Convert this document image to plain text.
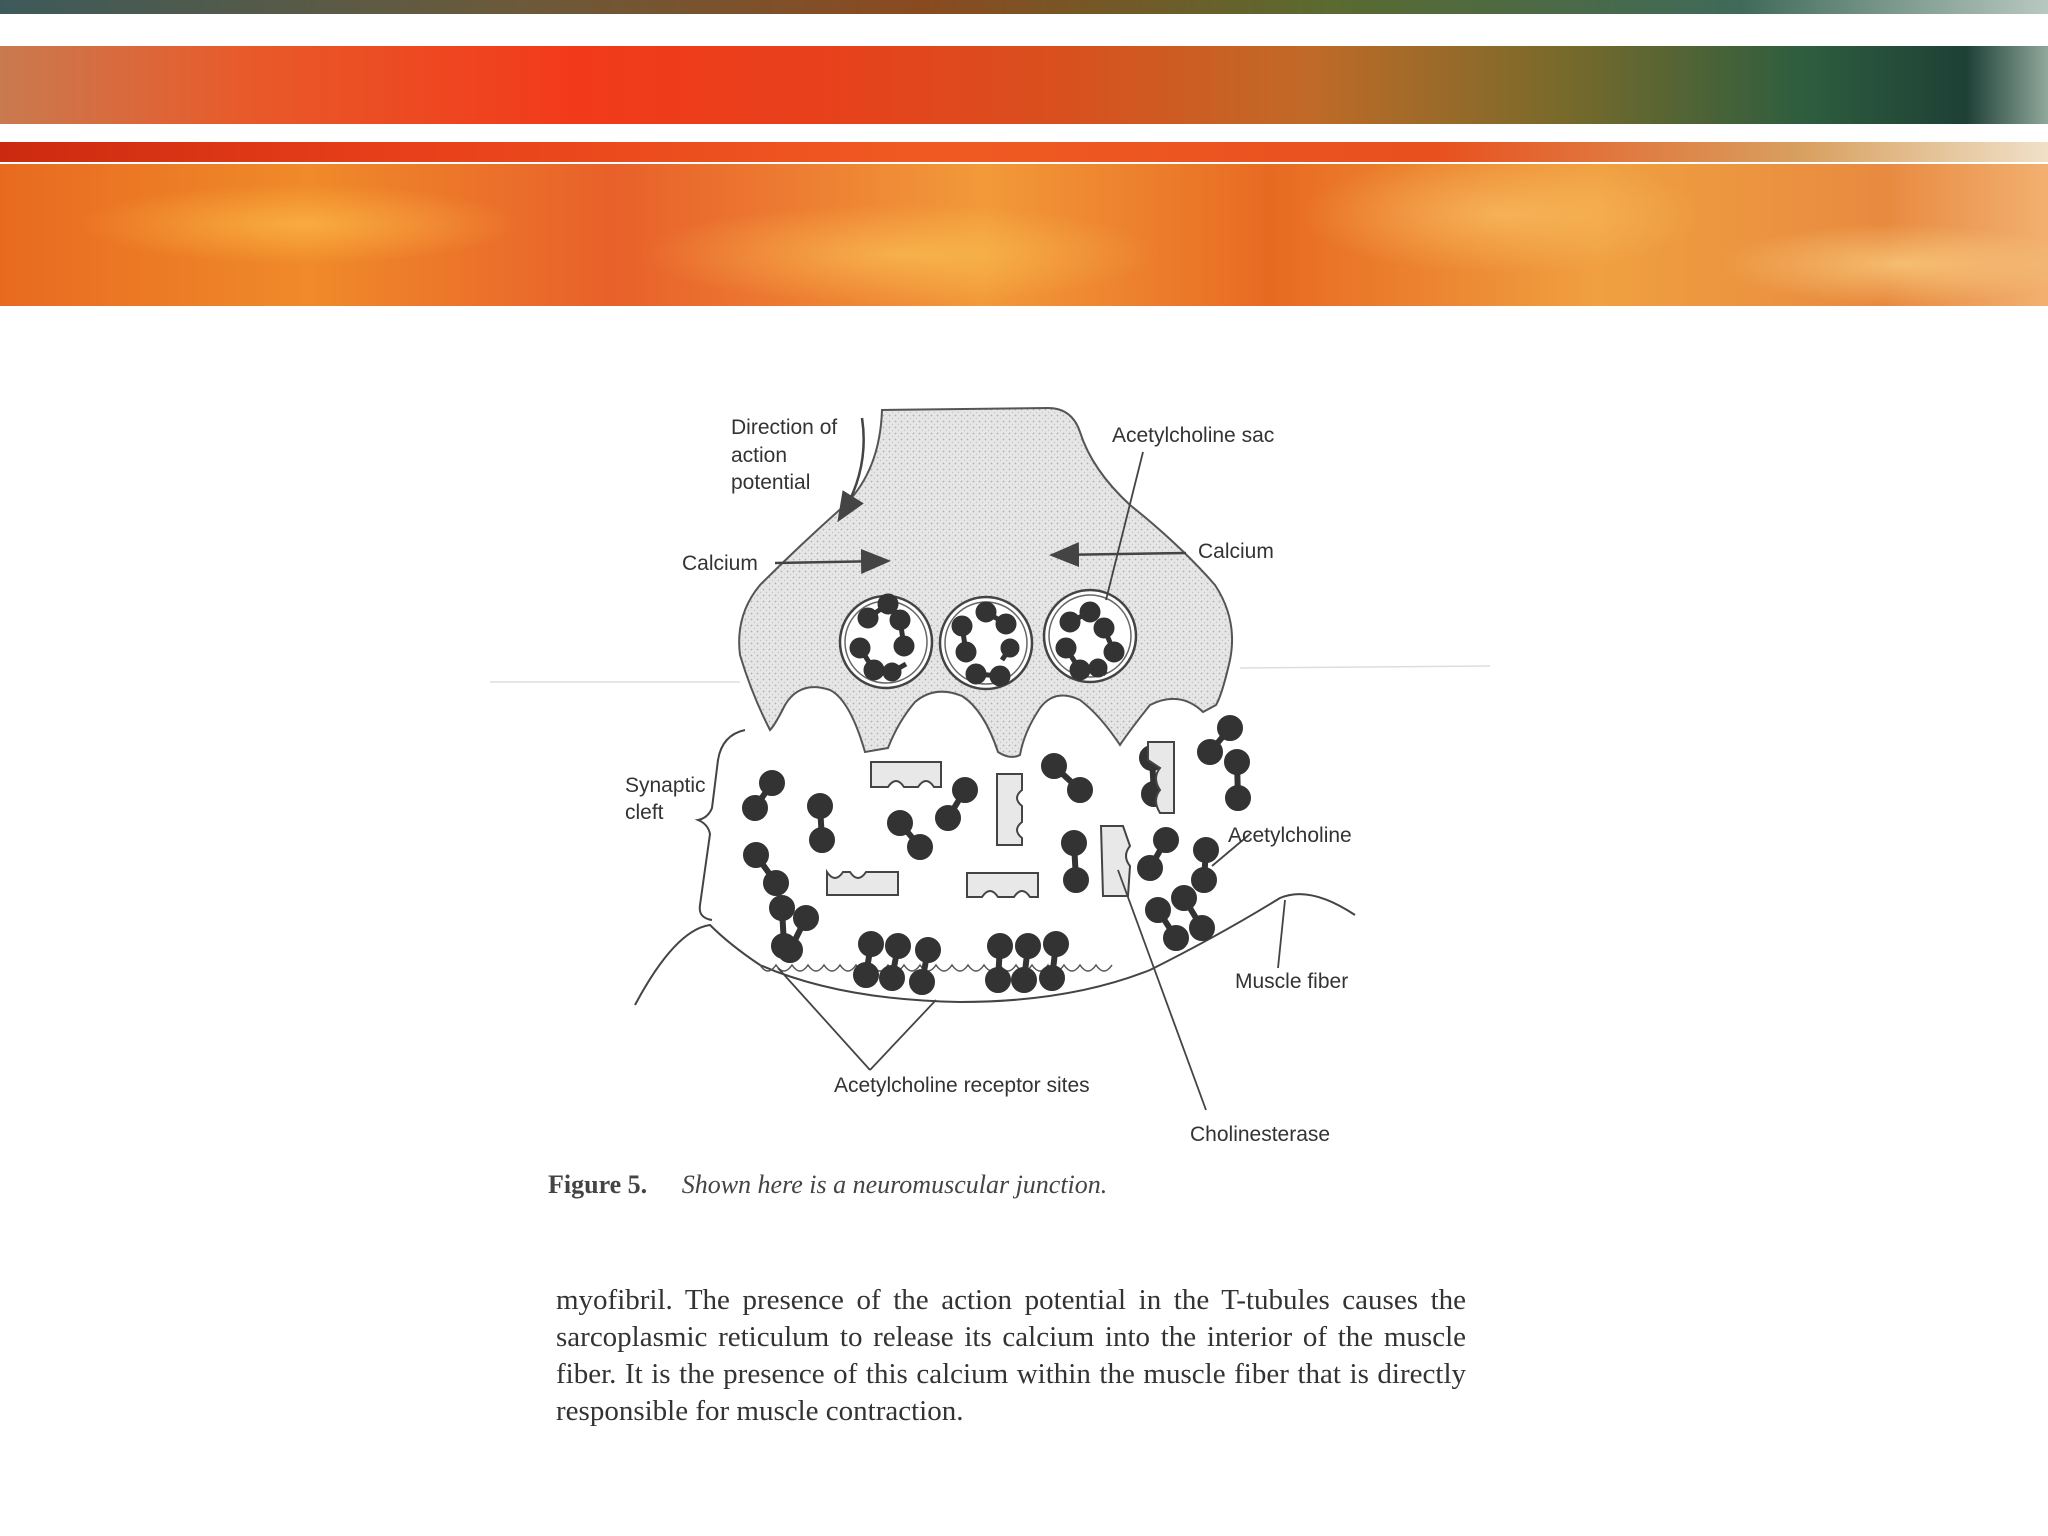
Direction of
action
potential
Acetylcholine sac
Calcium
Calcium
Synaptic
cleft
Acetylcholine
Muscle fiber
Acetylcholine receptor sites
Cholinesterase
Figure 5. Shown here is a neuromuscular junction.
myofibril. The presence of the action potential in the T-tubules causes the sarcoplasmic reticulum to release its calcium into the interior of the muscle fiber. It is the presence of this calcium within the muscle fiber that is directly responsible for muscle contraction.
